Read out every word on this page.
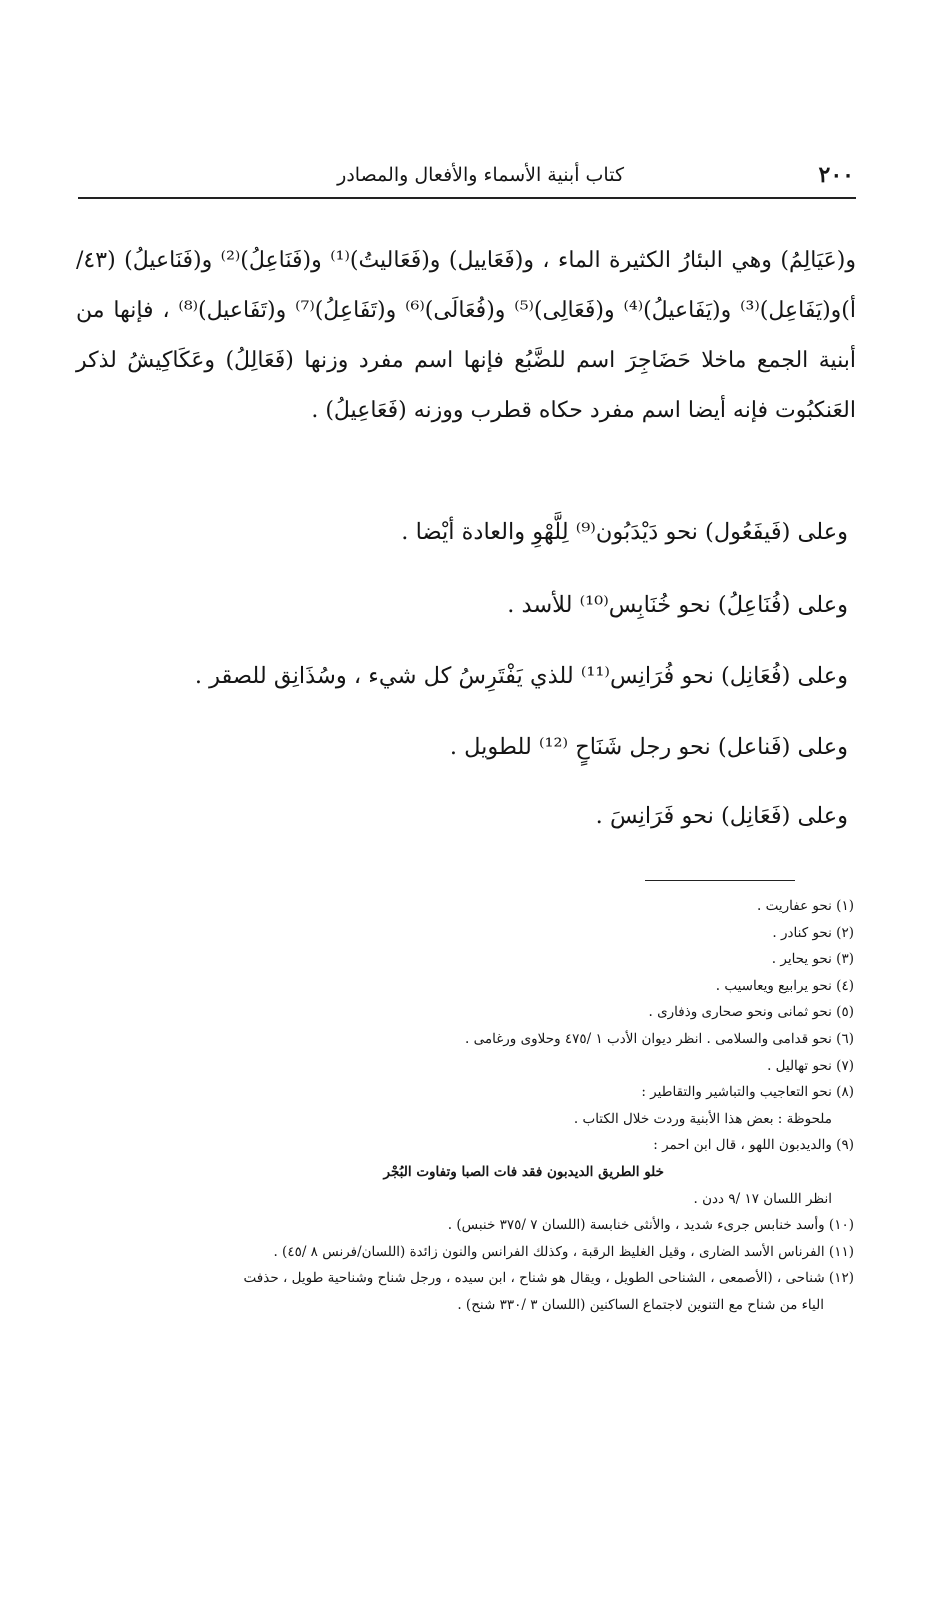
٢٠٠
كتاب أبنية الأسماء والأفعال والمصادر

و(عَيَالِمُ) وهي البئارُ الكثيرة الماء ، و(فَعَاييل) و(فَعَاليتُ)⁽¹⁾ و(فَنَاعِلُ)⁽²⁾ و(فَنَاعيلُ) (٤٣/أ)و(يَفَاعِل)⁽³⁾ و(يَفَاعيلُ)⁽⁴⁾ و(فَعَالِى)⁽⁵⁾ و(فُعَالَى)⁽⁶⁾ و(تَفَاعِلُ)⁽⁷⁾ و(تَفَاعيل)⁽⁸⁾ ، فإنها من أبنية الجمع ماخلا حَضَاجِرَ اسم للضَّبُع فإنها اسم مفرد وزنها (فَعَالِلُ) وعَكَاكِيشُ لذكر العَنكبُوت فإنه أيضا اسم مفرد حكاه قطرب ووزنه (فَعَاعِيلُ) .

وعلى (فَيفَعُول) نحو دَيْدَبُون⁽⁹⁾ لِلَّهْوِ والعادة أيْضا .
وعلى (فُنَاعِلُ) نحو خُنَابِس⁽¹⁰⁾ للأسد .
وعلى (فُعَانِل) نحو فُرَانِس⁽¹¹⁾ للذي يَفْتَرِسُ كل شيء ، وسُذَانِق للصقر .
وعلى (فَناعل) نحو رجل شَنَاحٍ ⁽¹²⁾ للطويل .
وعلى (فَعَانِل) نحو فَرَانِسَ .

(١) نحو عفاريت .

(٢) نحو كنادر .

(٣) نحو يحاير .

(٤) نحو يرابيع ويعاسيب .

(٥) نحو ثمانى ونحو صحارى وذفارى .

(٦) نحو قدامى والسلامى . انظر ديوان الأدب ١ /٤٧٥ وحلاوى ورغامى .

(٧) نحو تهاليل .

(٨) نحو التعاجيب والتباشير والتقاطير :

ملحوظة : بعض هذا الأبنية وردت خلال الكتاب .

(٩) والديدبون اللهو ، قال ابن احمر :

خلو الطريق الديدبون فقد فات الصبا وتفاوت البُجْر

انظر اللسان ١٧ /٩ ددن .

(١٠) وأسد خنابس جرىء شديد ، والأنثى خنابسة (اللسان ٧ /٣٧٥ خنبس) .

(١١) الفرناس الأسد الضارى ، وقيل الغليظ الرقبة ، وكذلك الفرانس والنون زائدة (اللسان/فرنس ٨ /٤٥) .

(١٢) شناحى ، (الأصمعى ، الشناحى الطويل ، ويقال هو شناح ، ابن سيده ، ورجل شناح وشناحية طويل ، حذفت

الياء من شناح مع التنوين لاجتماع الساكنين (اللسان ٣ /٣٣٠ شنح) .
